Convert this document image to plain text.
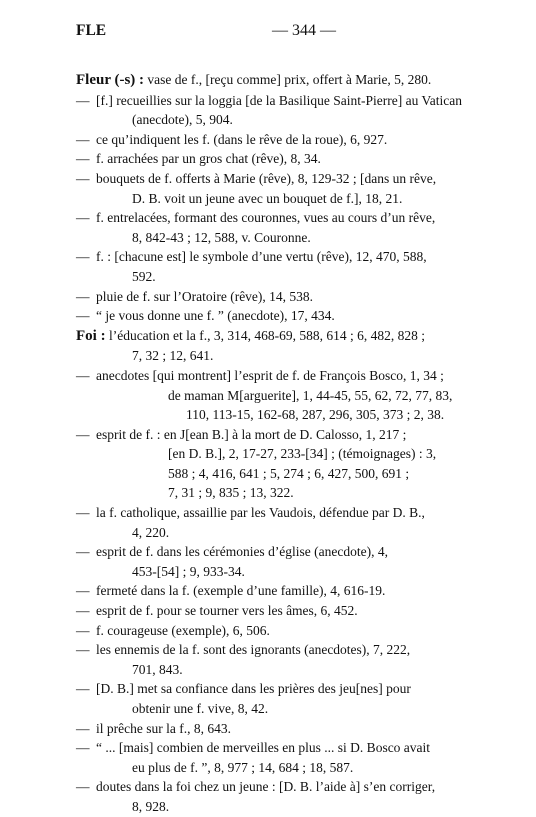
FLE	— 344 —
Fleur (-s) : vase de f., [reçu comme] prix, offert à Marie, 5, 280.
— [f.] recueillies sur la loggia [de la Basilique Saint-Pierre] au Vatican
(anecdote), 5, 904.
— ce qu’indiquent les f. (dans le rêve de la roue), 6, 927.
— f. arrachées par un gros chat (rêve), 8, 34.
— bouquets de f. offerts à Marie (rêve), 8, 129-32 ; [dans un rêve,
D. B. voit un jeune avec un bouquet de f.], 18, 21.
— f. entrelacées, formant des couronnes, vues au cours d’un rêve,
8, 842-43 ; 12, 588, v. Couronne.
— f. : [chacune est] le symbole d’une vertu (rêve), 12, 470, 588,
592.
— pluie de f. sur l’Oratoire (rêve), 14, 538.
— “ je vous donne une f. ” (anecdote), 17, 434.
Foi : l’éducation et la f., 3, 314, 468-69, 588, 614 ; 6, 482, 828 ;
7, 32 ; 12, 641.
— anecdotes [qui montrent] l’esprit de f. de François Bosco, 1, 34 ;
de maman M[arguerite], 1, 44-45, 55, 62, 72, 77, 83,
110, 113-15, 162-68, 287, 296, 305, 373 ; 2, 38.
— esprit de f. : en J[ean B.] à la mort de D. Calosso, 1, 217 ;
[en D. B.], 2, 17-27, 233-[34] ; (témoignages) : 3,
588 ; 4, 416, 641 ; 5, 274 ; 6, 427, 500, 691 ;
7, 31 ; 9, 835 ; 13, 322.
— la f. catholique, assaillie par les Vaudois, défendue par D. B.,
4, 220.
— esprit de f. dans les cérémonies d’église (anecdote), 4,
453-[54] ; 9, 933-34.
— fermeté dans la f. (exemple d’une famille), 4, 616-19.
— esprit de f. pour se tourner vers les âmes, 6, 452.
— f. courageuse (exemple), 6, 506.
— les ennemis de la f. sont des ignorants (anecdotes), 7, 222,
701, 843.
— [D. B.] met sa confiance dans les prières des jeu[nes] pour
obtenir une f. vive, 8, 42.
— il prêche sur la f., 8, 643.
— “ ... [mais] combien de merveilles en plus ... si D. Bosco avait
eu plus de f. ”, 8, 977 ; 14, 684 ; 18, 587.
— doutes dans la foi chez un jeune : [D. B. l’aide à] s’en corriger,
8, 928.
